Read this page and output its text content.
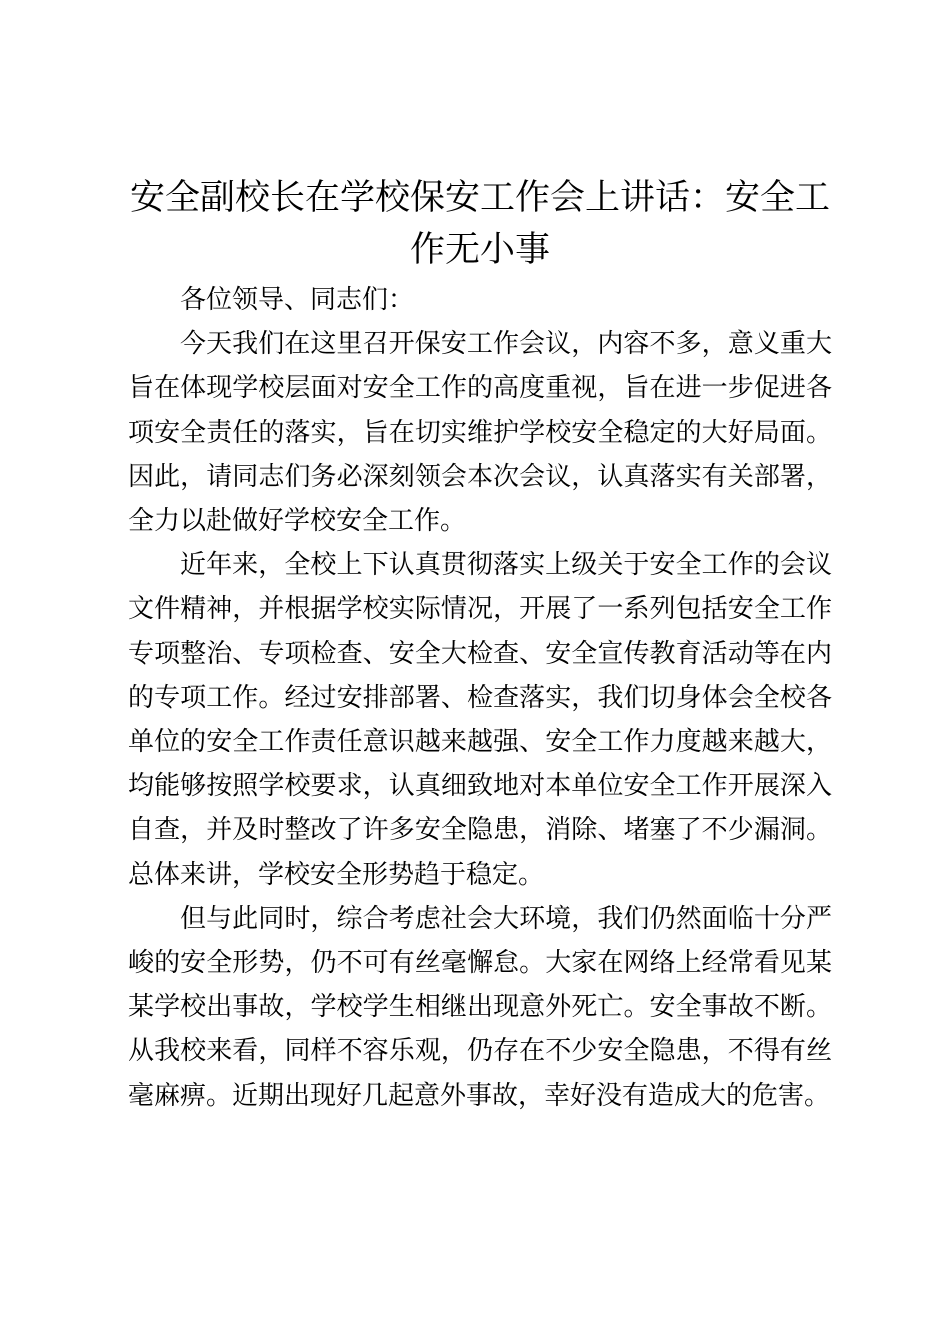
安全副校长在学校保安工作会上讲话：安全工作无小事

各位领导、同志们：

今天我们在这里召开保安工作会议，内容不多，意义重大旨在体现学校层面对安全工作的高度重视，旨在进一步促进各项安全责任的落实，旨在切实维护学校安全稳定的大好局面。因此，请同志们务必深刻领会本次会议，认真落实有关部署，全力以赴做好学校安全工作。

近年来，全校上下认真贯彻落实上级关于安全工作的会议文件精神，并根据学校实际情况，开展了一系列包括安全工作专项整治、专项检查、安全大检查、安全宣传教育活动等在内的专项工作。经过安排部署、检查落实，我们切身体会全校各单位的安全工作责任意识越来越强、安全工作力度越来越大，均能够按照学校要求，认真细致地对本单位安全工作开展深入自查，并及时整改了许多安全隐患，消除、堵塞了不少漏洞。总体来讲，学校安全形势趋于稳定。

但与此同时，综合考虑社会大环境，我们仍然面临十分严峻的安全形势，仍不可有丝毫懈怠。大家在网络上经常看见某某学校出事故，学校学生相继出现意外死亡。安全事故不断。从我校来看，同样不容乐观，仍存在不少安全隐患，不得有丝毫麻痹。近期出现好几起意外事故，幸好没有造成大的危害。
